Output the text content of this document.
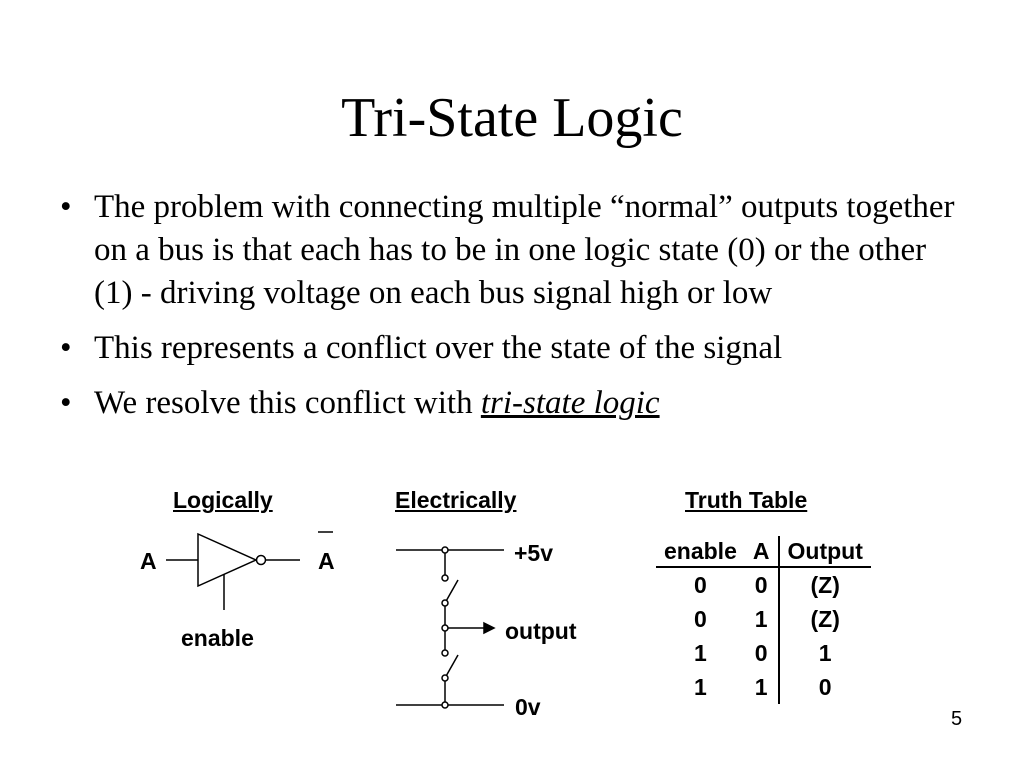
Tri-State Logic
• The problem with connecting multiple “normal” outputs together on a bus is that each has to be in one logic state (0) or the other (1) - driving voltage on each bus signal high or low
• This represents a conflict over the state of the signal
• We resolve this conflict with tri-state logic
Logically
A	A
enable
Electrically
+5v
output
0v
Truth Table
enable	A	Output
0	0	(Z)
0	1	(Z)
1	0	1
1	1	0
5
